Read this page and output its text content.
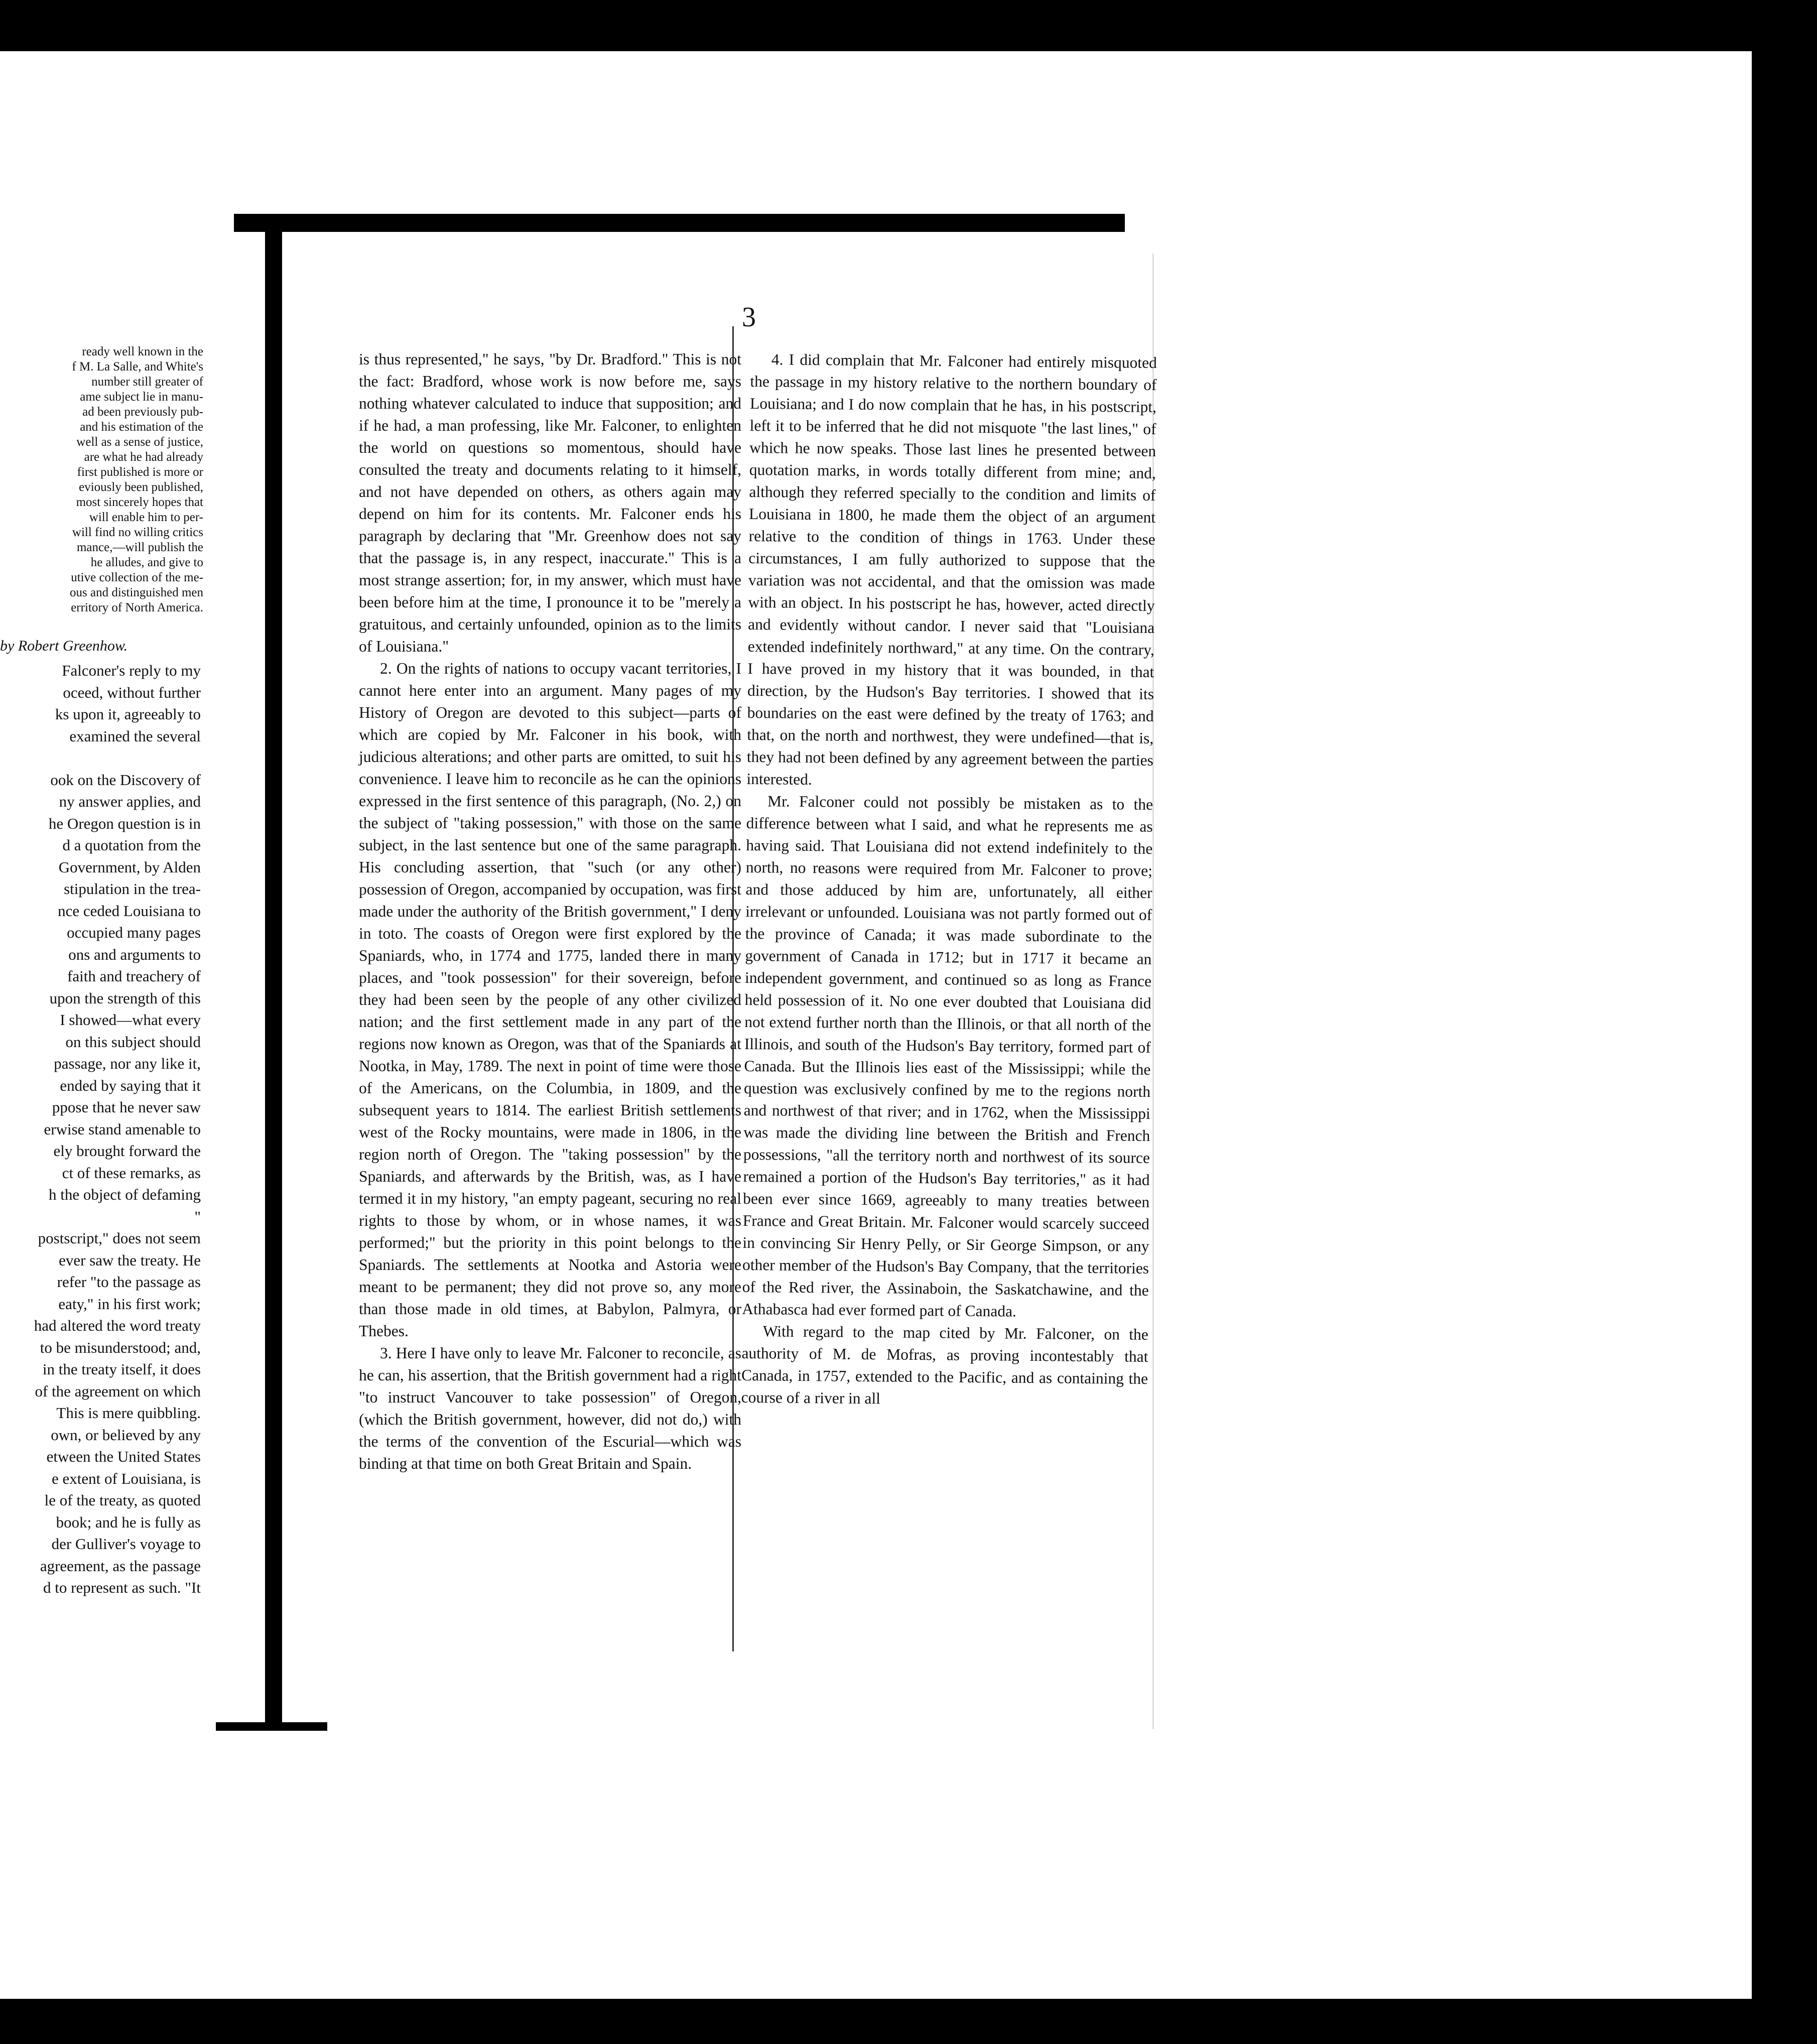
ready well known in the

f M. La Salle, and White's

number still greater of

ame subject lie in manu-

ad been previously pub-

and his estimation of the

well as a sense of justice,

are what he had already

first published is more or

eviously been published,

most sincerely hopes that

will enable him to per-

will find no willing critics

mance,—will publish the

he alludes, and give to

utive collection of the me-

ous and distinguished men

erritory of North America.

by Robert Greenhow.

Falconer's reply to my

oceed, without further

ks upon it, agreeably to

examined the several

ook on the Discovery of

ny answer applies, and

he Oregon question is in

d a quotation from the

Government, by Alden

stipulation in the trea-

nce ceded Louisiana to

occupied many pages

ons and arguments to

faith and treachery of

upon the strength of this

I showed—what every

on this subject should

passage, nor any like it,

ended by saying that it

ppose that he never saw

erwise stand amenable to

ely brought forward the

ct of these remarks, as

h the object of defaming

"

postscript," does not seem

ever saw the treaty. He

refer "to the passage as

eaty," in his first work;

had altered the word treaty

to be misunderstood; and,

in the treaty itself, it does

of the agreement on which

This is mere quibbling.

own, or believed by any

etween the United States

e extent of Louisiana, is

le of the treaty, as quoted

book; and he is fully as

der Gulliver's voyage to

agreement, as the passage

d to represent as such. "It

3

is thus represented," he says, "by Dr. Bradford." This is not the fact: Bradford, whose work is now before me, says nothing whatever calculated to induce that supposition; and if he had, a man professing, like Mr. Falconer, to enlighten the world on questions so momentous, should have consulted the treaty and documents relating to it himself, and not have depended on others, as others again may depend on him for its contents. Mr. Falconer ends his paragraph by declaring that "Mr. Greenhow does not say that the passage is, in any respect, inaccurate." This is a most strange assertion; for, in my answer, which must have been before him at the time, I pronounce it to be "merely a gratuitous, and certainly unfounded, opinion as to the limits of Louisiana."

2. On the rights of nations to occupy vacant territories, I cannot here enter into an argument. Many pages of my History of Oregon are devoted to this subject—parts of which are copied by Mr. Falconer in his book, with judicious alterations; and other parts are omitted, to suit his convenience. I leave him to reconcile as he can the opinions expressed in the first sentence of this paragraph, (No. 2,) on the subject of "taking possession," with those on the same subject, in the last sentence but one of the same paragraph. His concluding assertion, that "such (or any other) possession of Oregon, accompanied by occupation, was first made under the authority of the British government," I deny in toto. The coasts of Oregon were first explored by the Spaniards, who, in 1774 and 1775, landed there in many places, and "took possession" for their sovereign, before they had been seen by the people of any other civilized nation; and the first settlement made in any part of the regions now known as Oregon, was that of the Spaniards at Nootka, in May, 1789. The next in point of time were those of the Americans, on the Columbia, in 1809, and the subsequent years to 1814. The earliest British settlements west of the Rocky mountains, were made in 1806, in the region north of Oregon. The "taking possession" by the Spaniards, and afterwards by the British, was, as I have termed it in my history, "an empty pageant, securing no real rights to those by whom, or in whose names, it was performed;" but the priority in this point belongs to the Spaniards. The settlements at Nootka and Astoria were meant to be permanent; they did not prove so, any more than those made in old times, at Babylon, Palmyra, or Thebes.

3. Here I have only to leave Mr. Falconer to reconcile, as he can, his assertion, that the British government had a right "to instruct Vancouver to take possession" of Oregon, (which the British government, however, did not do,) with the terms of the convention of the Escurial—which was binding at that time on both Great Britain and Spain.

4. I did complain that Mr. Falconer had entirely misquoted the passage in my history relative to the northern boundary of Louisiana; and I do now complain that he has, in his postscript, left it to be inferred that he did not misquote "the last lines," of which he now speaks. Those last lines he presented between quotation marks, in words totally different from mine; and, although they referred specially to the condition and limits of Louisiana in 1800, he made them the object of an argument relative to the condition of things in 1763. Under these circumstances, I am fully authorized to suppose that the variation was not accidental, and that the omission was made with an object. In his postscript he has, however, acted directly and evidently without candor. I never said that "Louisiana extended indefinitely northward," at any time. On the contrary, I have proved in my history that it was bounded, in that direction, by the Hudson's Bay territories. I showed that its boundaries on the east were defined by the treaty of 1763; and that, on the north and northwest, they were undefined—that is, they had not been defined by any agreement between the parties interested.

Mr. Falconer could not possibly be mistaken as to the difference between what I said, and what he represents me as having said. That Louisiana did not extend indefinitely to the north, no reasons were required from Mr. Falconer to prove; and those adduced by him are, unfortunately, all either irrelevant or unfounded. Louisiana was not partly formed out of the province of Canada; it was made subordinate to the government of Canada in 1712; but in 1717 it became an independent government, and continued so as long as France held possession of it. No one ever doubted that Louisiana did not extend further north than the Illinois, or that all north of the Illinois, and south of the Hudson's Bay territory, formed part of Canada. But the Illinois lies east of the Mississippi; while the question was exclusively confined by me to the regions north and northwest of that river; and in 1762, when the Mississippi was made the dividing line between the British and French possessions, "all the territory north and northwest of its source remained a portion of the Hudson's Bay territories," as it had been ever since 1669, agreeably to many treaties between France and Great Britain. Mr. Falconer would scarcely succeed in convincing Sir Henry Pelly, or Sir George Simpson, or any other member of the Hudson's Bay Company, that the territories of the Red river, the Assinaboin, the Saskatchawine, and the Athabasca had ever formed part of Canada.

With regard to the map cited by Mr. Falconer, on the authority of M. de Mofras, as proving incontestably that Canada, in 1757, extended to the Pacific, and as containing the course of a river in all
